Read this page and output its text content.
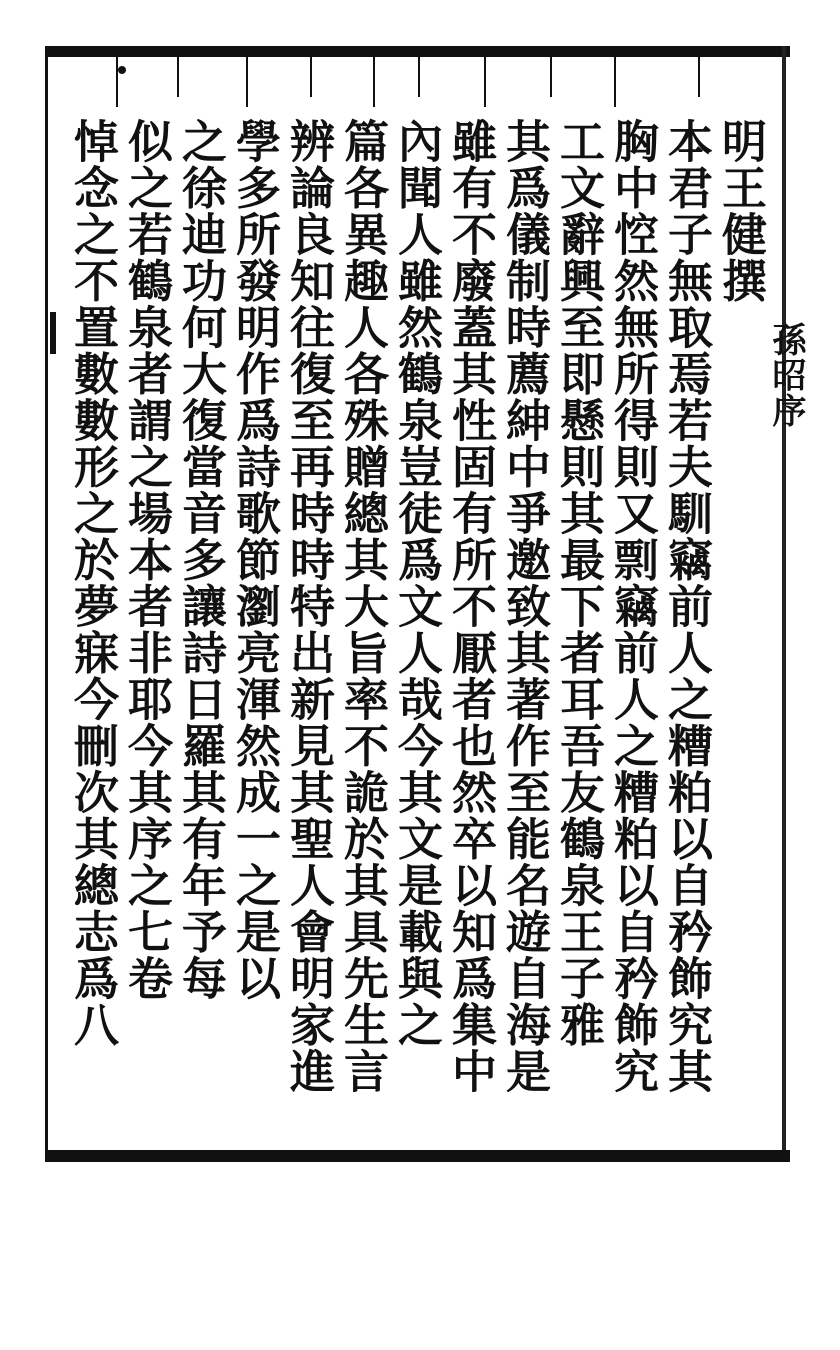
明王健撰
孫昭序
本君子無取焉若夫馴竊前人之糟粕以自矜飾究其
胸中悾然無所得則又剽竊前人之糟粕以自矜飾究
工文辭興至即懸則其最下者耳吾友鶴泉王子雅
其爲儀制時薦紳中爭邀致其著作至能名遊自海是
雖有不廢蓋其性固有所不厭者也然卒以知爲集中
內聞人雖然鶴泉豈徒爲文人哉今其文是載與之
篇各異趣人各殊贈總其大旨率不詭於其具先生言
辨論良知往復至再時時特出新見其聖人會明家進
學多所發明作爲詩歌節瀏亮渾然成一之是以
之徐迪功何大復當音多讓詩日羅其有年予每
似之若鶴泉者謂之場本者非耶今其序之七卷
悼念之不置數數形之於夢寐今刪次其總志爲八
